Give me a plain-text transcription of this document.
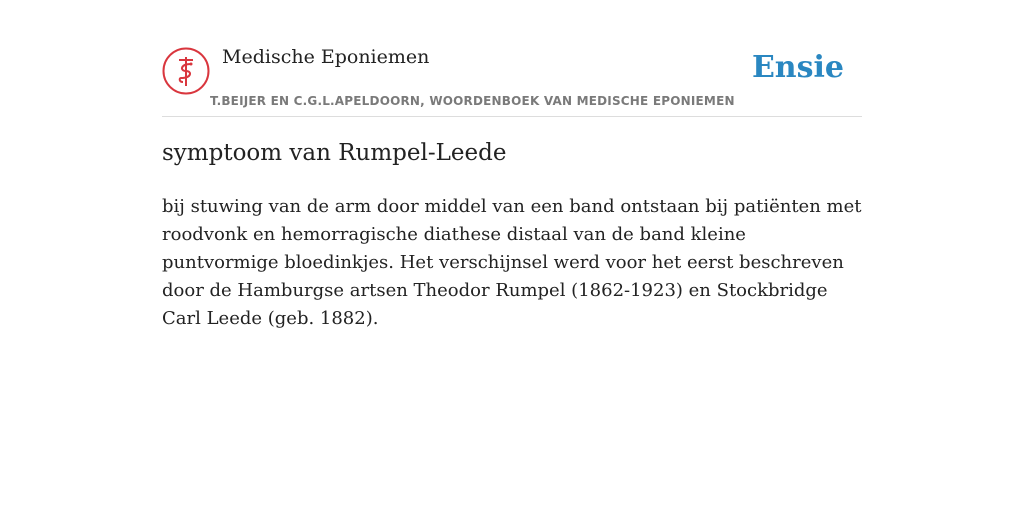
Medische Eponiemen
T.BEIJER EN C.G.L.APELDOORN, WOORDENBOEK VAN MEDISCHE EPONIEMEN
Ensie
symptoom van Rumpel-Leede
bij stuwing van de arm door middel van een band ontstaan bij patiënten met roodvonk en hemorragische diathese distaal van de band kleine puntvormige bloedinkjes. Het verschijnsel werd voor het eerst beschreven door de Hamburgse artsen Theodor Rumpel (1862-1923) en Stockbridge Carl Leede (geb. 1882).
